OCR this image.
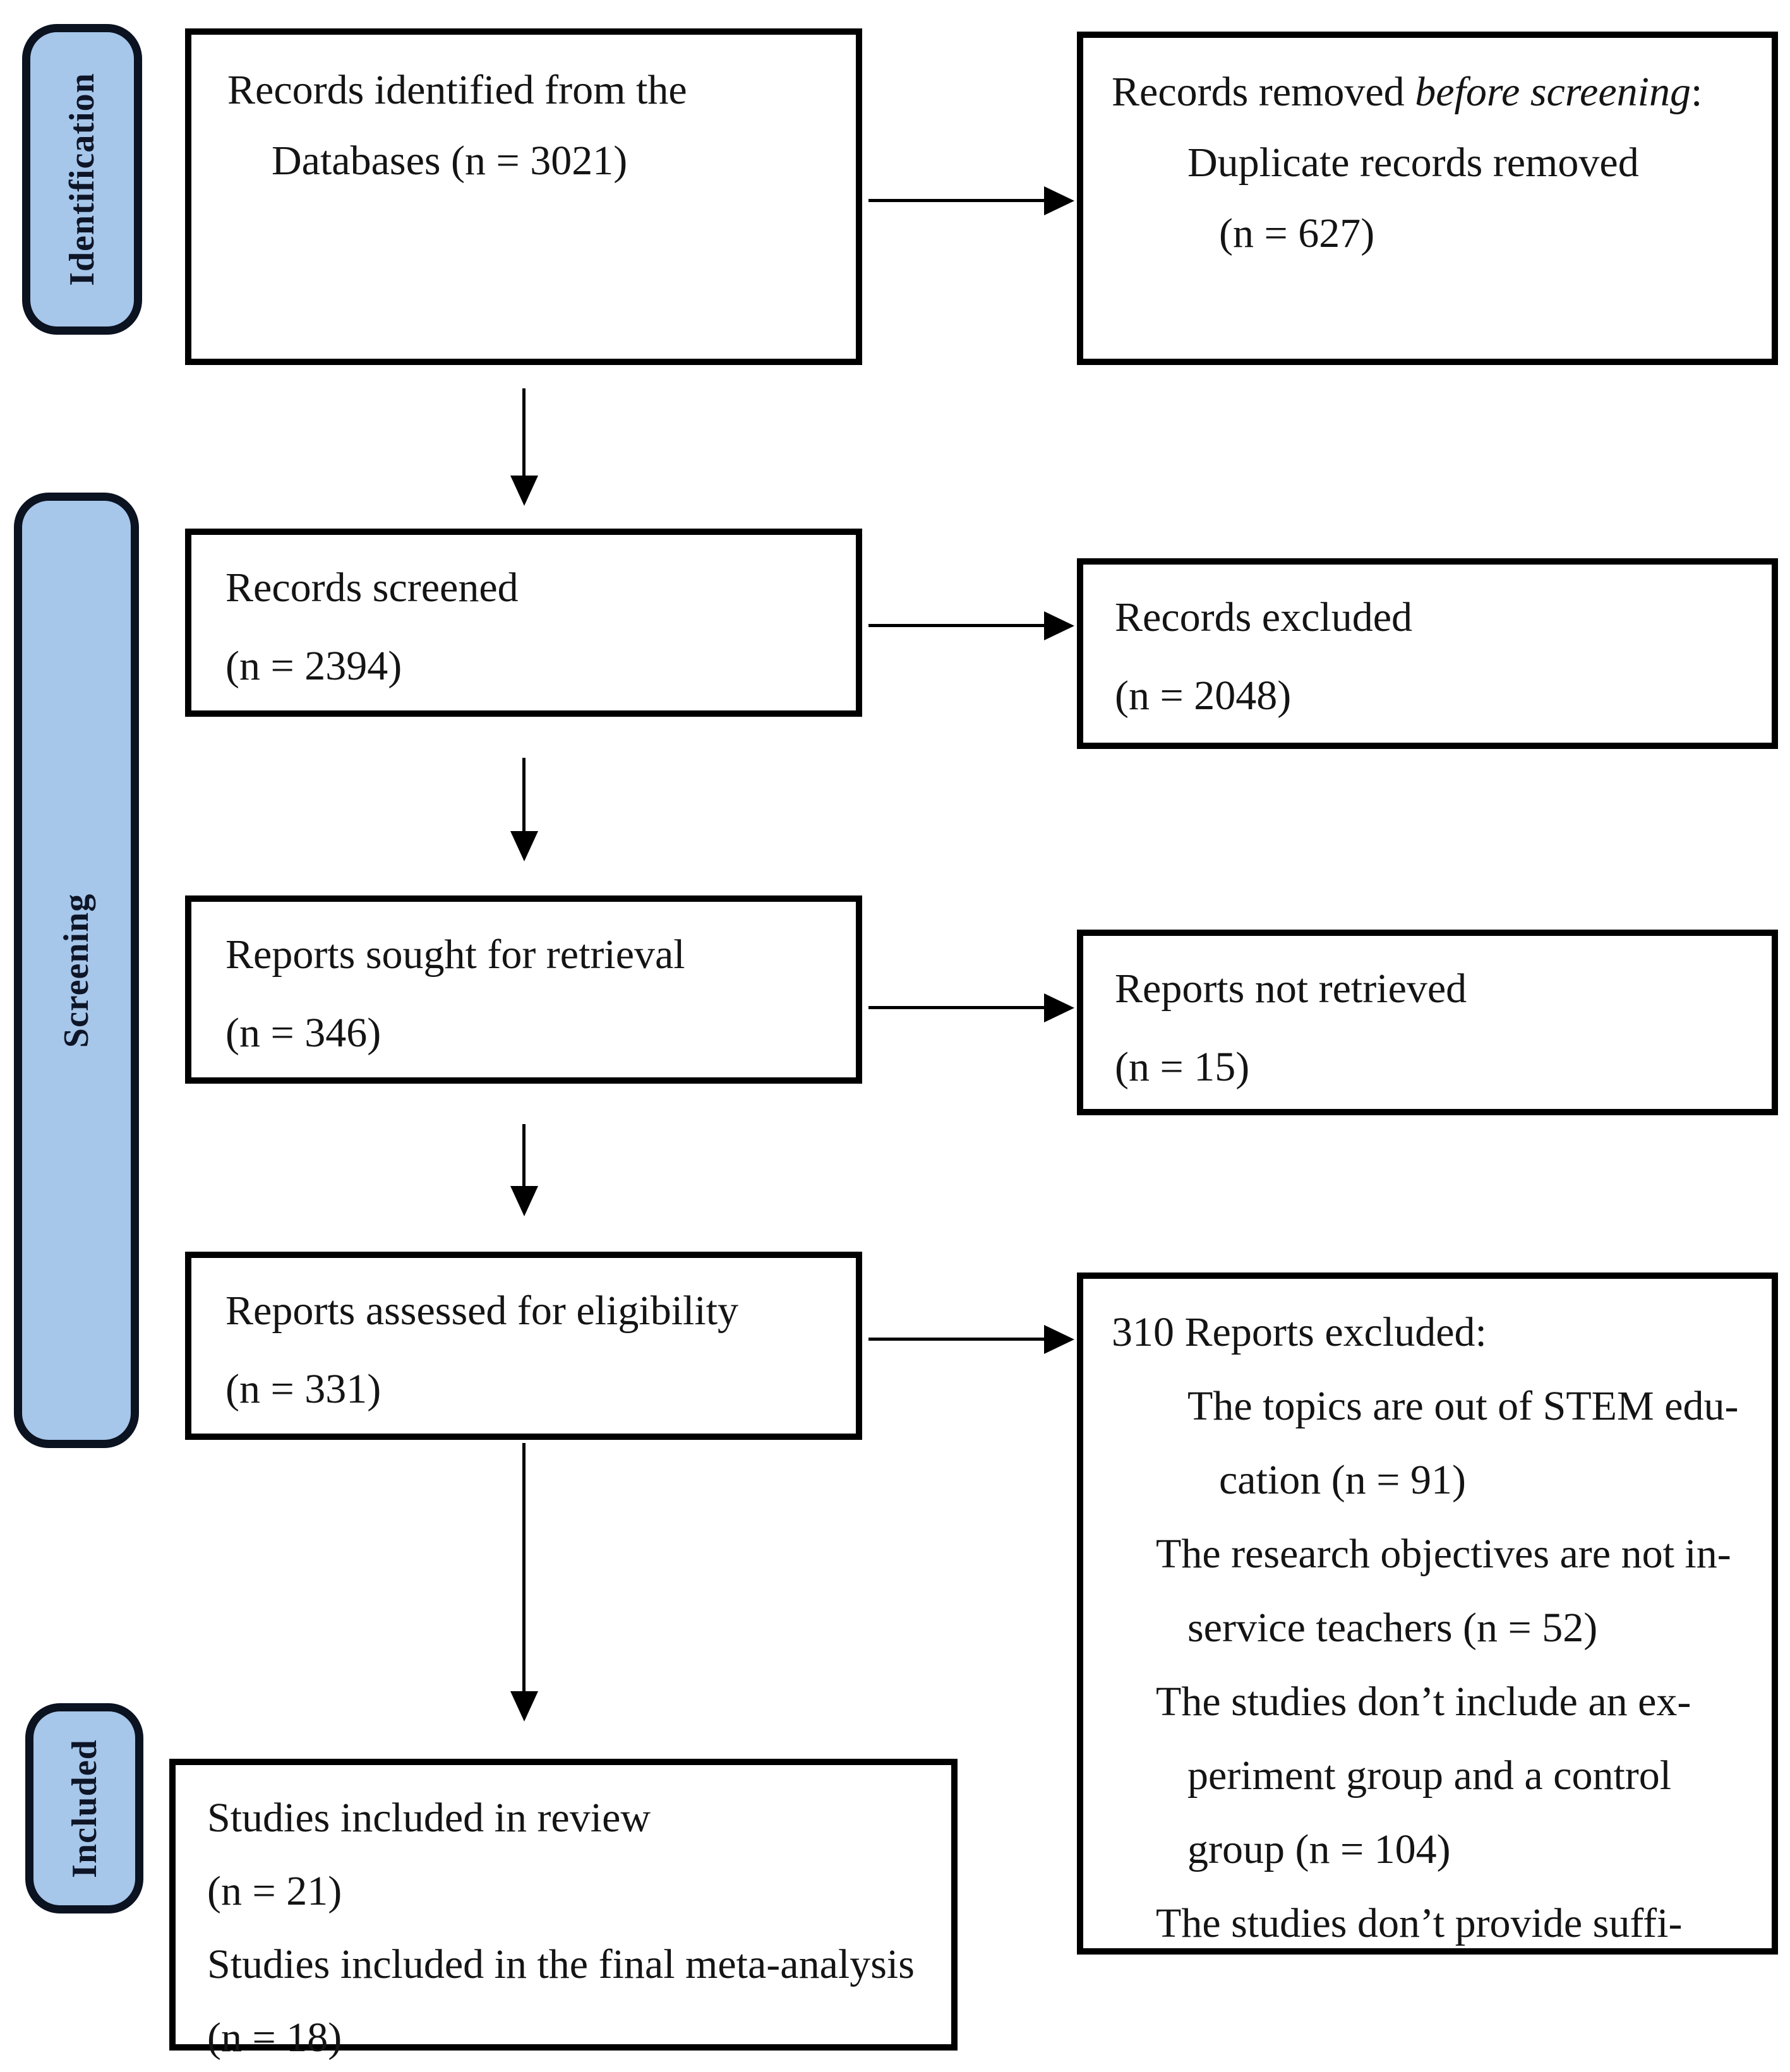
Identification
Screening
Included
Records identified from the
Databases (n = 3021)
Records removed before screening:
Duplicate records removed
(n = 627)
Records screened
(n = 2394)
Records excluded
(n = 2048)
Reports sought for retrieval
(n = 346)
Reports not retrieved
(n = 15)
Reports assessed for eligibility
(n = 331)
310 Reports excluded:
The topics are out of STEM edu-
cation (n = 91)
The research objectives are not in-
service teachers (n = 52)
The studies don’t include an ex-
periment group and a control
group (n = 104)
The studies don’t provide suffi-
Studies included in review
(n = 21)
Studies included in the final meta-analysis
(n = 18)
